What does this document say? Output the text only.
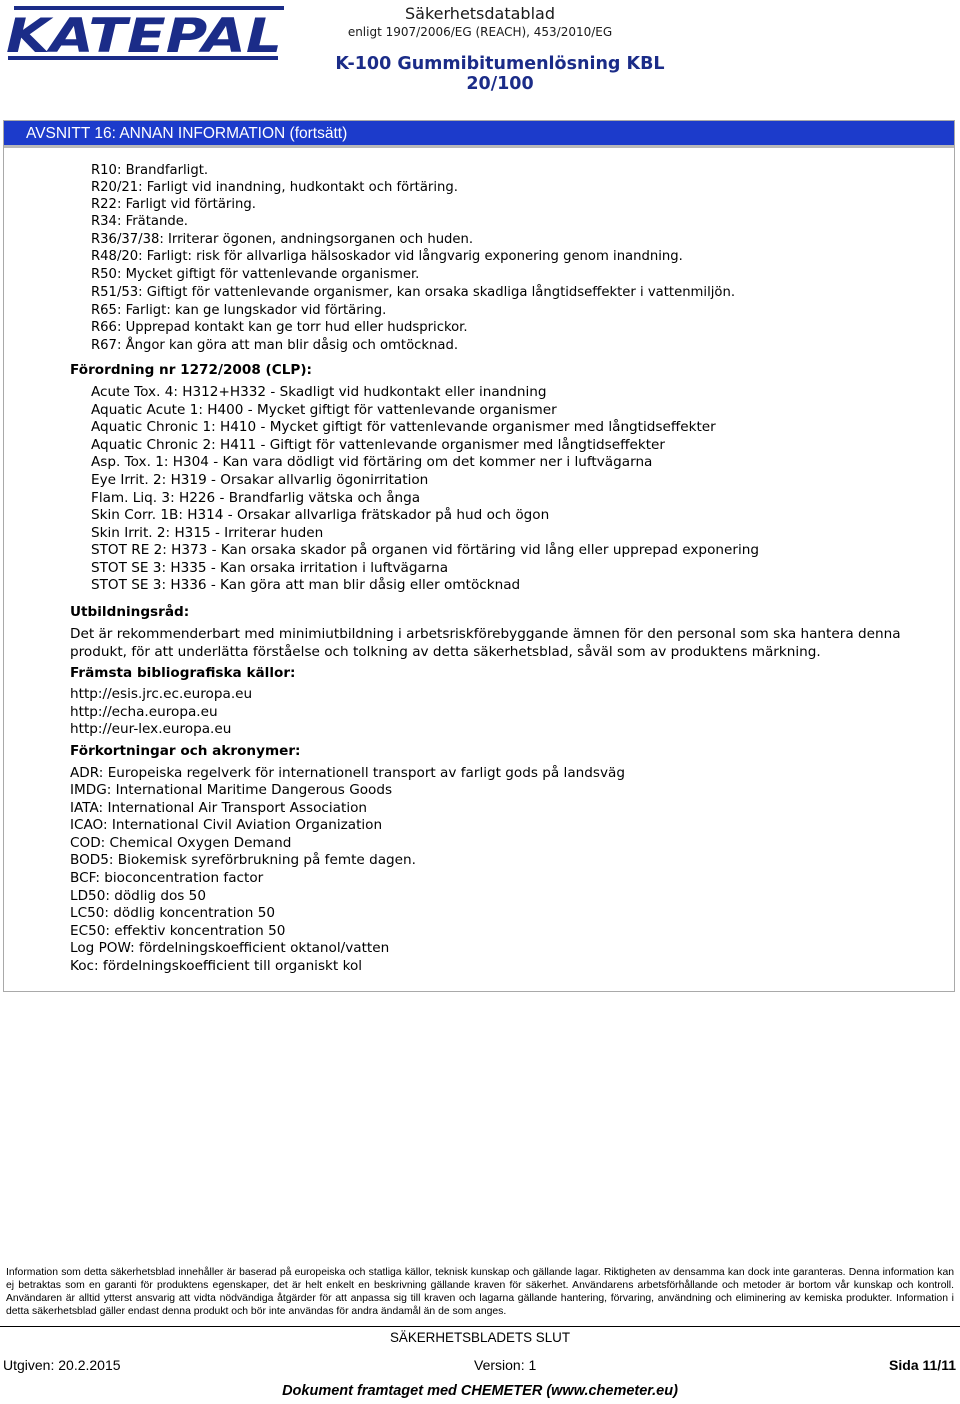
KATEPAL	Säkerhetsdatablad
enligt 1907/2006/EG (REACH), 453/2010/EG
K-100 Gummibitumenlösning KBL 20/100
AVSNITT 16: ANNAN INFORMATION (fortsätt)
R10: Brandfarligt.
R20/21: Farligt vid inandning, hudkontakt och förtäring.
R22: Farligt vid förtäring.
R34: Frätande.
R36/37/38: Irriterar ögonen, andningsorganen och huden.
R48/20: Farligt: risk för allvarliga hälsoskador vid långvarig exponering genom inandning.
R50: Mycket giftigt för vattenlevande organismer.
R51/53: Giftigt för vattenlevande organismer, kan orsaka skadliga långtidseffekter i vattenmiljön.
R65: Farligt: kan ge lungskador vid förtäring.
R66: Upprepad kontakt kan ge torr hud eller hudsprickor.
R67: Ångor kan göra att man blir dåsig och omtöcknad.
Förordning nr 1272/2008 (CLP):
Acute Tox. 4: H312+H332 - Skadligt vid hudkontakt eller inandning
Aquatic Acute 1: H400 - Mycket giftigt för vattenlevande organismer
Aquatic Chronic 1: H410 - Mycket giftigt för vattenlevande organismer med långtidseffekter
Aquatic Chronic 2: H411 - Giftigt för vattenlevande organismer med långtidseffekter
Asp. Tox. 1: H304 - Kan vara dödligt vid förtäring om det kommer ner i luftvägarna
Eye Irrit. 2: H319 - Orsakar allvarlig ögonirritation
Flam. Liq. 3: H226 - Brandfarlig vätska och ånga
Skin Corr. 1B: H314 - Orsakar allvarliga frätskador på hud och ögon
Skin Irrit. 2: H315 - Irriterar huden
STOT RE 2: H373 - Kan orsaka skador på organen vid förtäring vid lång eller upprepad exponering
STOT SE 3: H335 - Kan orsaka irritation i luftvägarna
STOT SE 3: H336 - Kan göra att man blir dåsig eller omtöcknad
Utbildningsråd:
Det är rekommenderbart med minimiutbildning i arbetsriskförebyggande ämnen för den personal som ska hantera denna produkt, för att underlätta förståelse och tolkning av detta säkerhetsblad, såväl som av produktens märkning.
Främsta bibliografiska källor:
http://esis.jrc.ec.europa.eu
http://echa.europa.eu
http://eur-lex.europa.eu
Förkortningar och akronymer:
ADR: Europeiska regelverk för internationell transport av farligt gods på landsväg
IMDG: International Maritime Dangerous Goods
IATA: International Air Transport Association
ICAO: International Civil Aviation Organization
COD: Chemical Oxygen Demand
BOD5: Biokemisk syreförbrukning på femte dagen.
BCF: bioconcentration factor
LD50: dödlig dos 50
LC50: dödlig koncentration 50
EC50: effektiv koncentration 50
Log POW: fördelningskoefficient oktanol/vatten
Koc: fördelningskoefficient till organiskt kol
Information som detta säkerhetsblad innehåller är baserad på europeiska och statliga källor, teknisk kunskap och gällande lagar. Riktigheten av densamma kan dock inte garanteras. Denna information kan ej betraktas som en garanti för produktens egenskaper, det är helt enkelt en beskrivning gällande kraven för säkerhet. Användarens arbetsförhållande och metoder är bortom vår kunskap och kontroll. Användaren är alltid ytterst ansvarig att vidta nödvändiga åtgärder för att anpassa sig till kraven och lagarna gällande hantering, förvaring, användning och eliminering av kemiska produkter. Information i detta säkerhetsblad gäller endast denna produkt och bör inte användas för andra ändamål än de som anges.
SÄKERHETSBLADETS SLUT
Utgiven: 20.2.2015	Version: 1	Sida 11/11
Dokument framtaget med CHEMETER (www.chemeter.eu)
